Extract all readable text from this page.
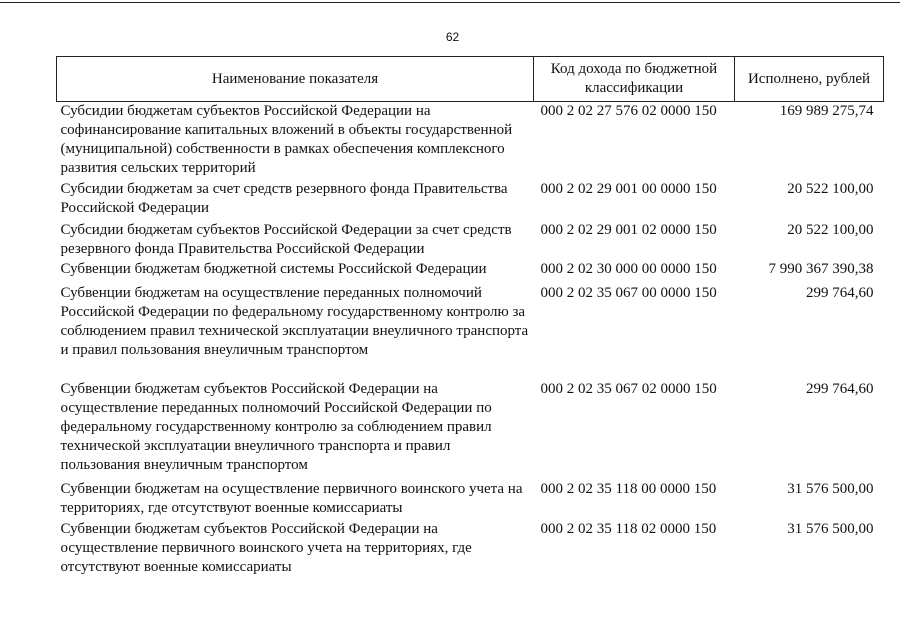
62
Наименование показателя	Код дохода по бюджетной классификации	Исполнено, рублей
Субсидии бюджетам субъектов Российской Федерации на софинансирование капитальных вложений в объекты государственной (муниципальной) собственности в рамках обеспечения комплексного развития сельских территорий	000 2 02 27 576 02 0000 150	169 989 275,74
Субсидии бюджетам за счет средств резервного фонда Правительства Российской Федерации	000 2 02 29 001 00 0000 150	20 522 100,00
Субсидии бюджетам субъектов Российской Федерации за счет средств резервного фонда Правительства Российской Федерации	000 2 02 29 001 02 0000 150	20 522 100,00
Субвенции бюджетам бюджетной системы Российской Федерации	000 2 02 30 000 00 0000 150	7 990 367 390,38
Субвенции бюджетам на осуществление переданных полномочий Российской Федерации по федеральному государственному контролю за соблюдением правил технической эксплуатации внеуличного транспорта и правил пользования внеуличным транспортом	000 2 02 35 067 00 0000 150	299 764,60
Субвенции бюджетам субъектов Российской Федерации на осуществление переданных полномочий Российской Федерации по федеральному государственному контролю за соблюдением правил технической эксплуатации внеуличного транспорта и правил пользования внеуличным транспортом	000 2 02 35 067 02 0000 150	299 764,60
Субвенции бюджетам на осуществление первичного воинского учета на территориях, где отсутствуют военные комиссариаты	000 2 02 35 118 00 0000 150	31 576 500,00
Субвенции бюджетам субъектов Российской Федерации на осуществление первичного воинского учета на территориях, где отсутствуют военные комиссариаты	000 2 02 35 118 02 0000 150	31 576 500,00
